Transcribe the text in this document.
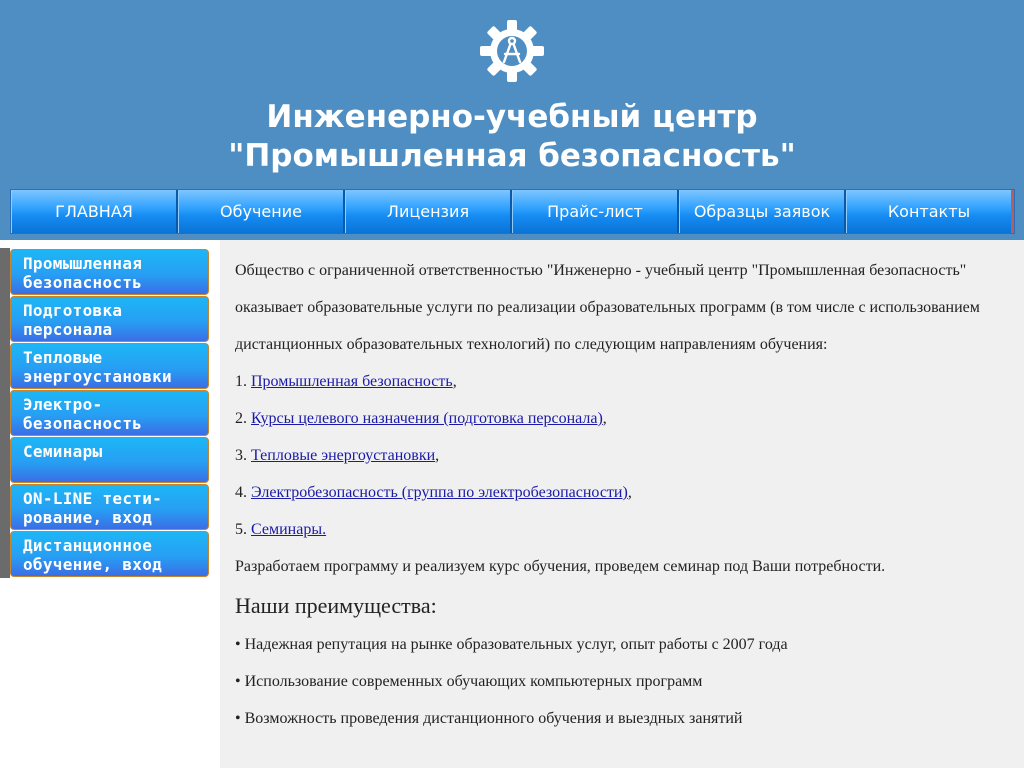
Инженерно-учебный центр
"Промышленная безопасность"
ГЛАВНАЯ	Обучение	Лицензия	Прайс-лист	Образцы заявок	Контакты
Промышленная
безопасность
Подготовка
персонала
Тепловые
энергоустановки
Электро-
безопасность
Семинары
ON-LINE тести-
рование, вход
Дистанционное
обучение, вход

Общество с ограниченной ответственностью "Инженерно - учебный центр "Промышленная безопасность"

оказывает образовательные услуги по реализации образовательных программ (в том числе с использованием

дистанционных образовательных технологий) по следующим направлениям обучения:

1. Промышленная безопасность,

2. Курсы целевого назначения (подготовка персонала),

3. Тепловые энергоустановки,

4. Электробезопасность (группа по электробезопасности),

5. Семинары.

Разработаем программу и реализуем курс обучения, проведем семинар под Ваши потребности.

Наши преимущества:

• Надежная репутация на рынке образовательных услуг, опыт работы с 2007 года

• Использование современных обучающих компьютерных программ

• Возможность проведения дистанционного обучения и выездных занятий
